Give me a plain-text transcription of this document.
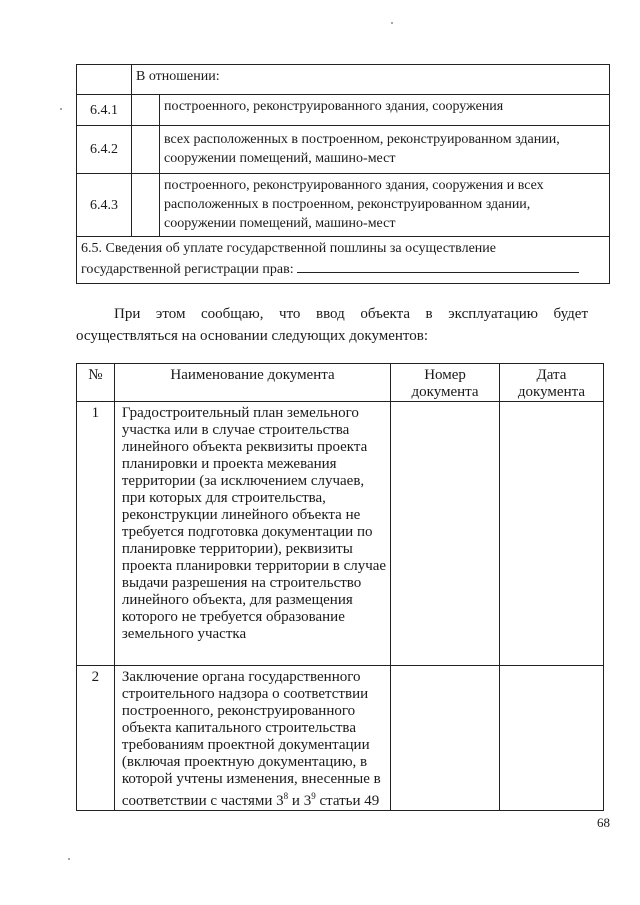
	В отношении:	
6.4.1		построенного, реконструированного здания, сооружения
6.4.2		всех расположенных в построенном, реконструированном здании, сооружении помещений, машино-мест
6.4.3		построенного, реконструированного здания, сооружения и всех расположенных в построенном, реконструированном здании, сооружении помещений, машино-мест
6.5. Сведения об уплате государственной пошлины за осуществление
государственной регистрации прав:		
При этом сообщаю, что ввод объекта в эксплуатацию будет
осуществляться на основании следующих документов:
№	Наименование документа	Номер документа	Дата документа
1	Градостроительный план земельного участка или в случае строительства линейного объекта реквизиты проекта планировки и проекта межевания территории (за исключением случаев, при которых для строительства, реконструкции линейного объекта не требуется подготовка документации по планировке территории), реквизиты проекта планировки территории в случае выдачи разрешения на строительство линейного объекта, для размещения которого не требуется образование земельного участка		
2	Заключение органа государственного строительного надзора о соответствии построенного, реконструированного объекта капитального строительства требованиям проектной документации (включая проектную документацию, в которой учтены изменения, внесенные в соответствии с частями $3^8$ и $3^9$ статьи 49		
68
